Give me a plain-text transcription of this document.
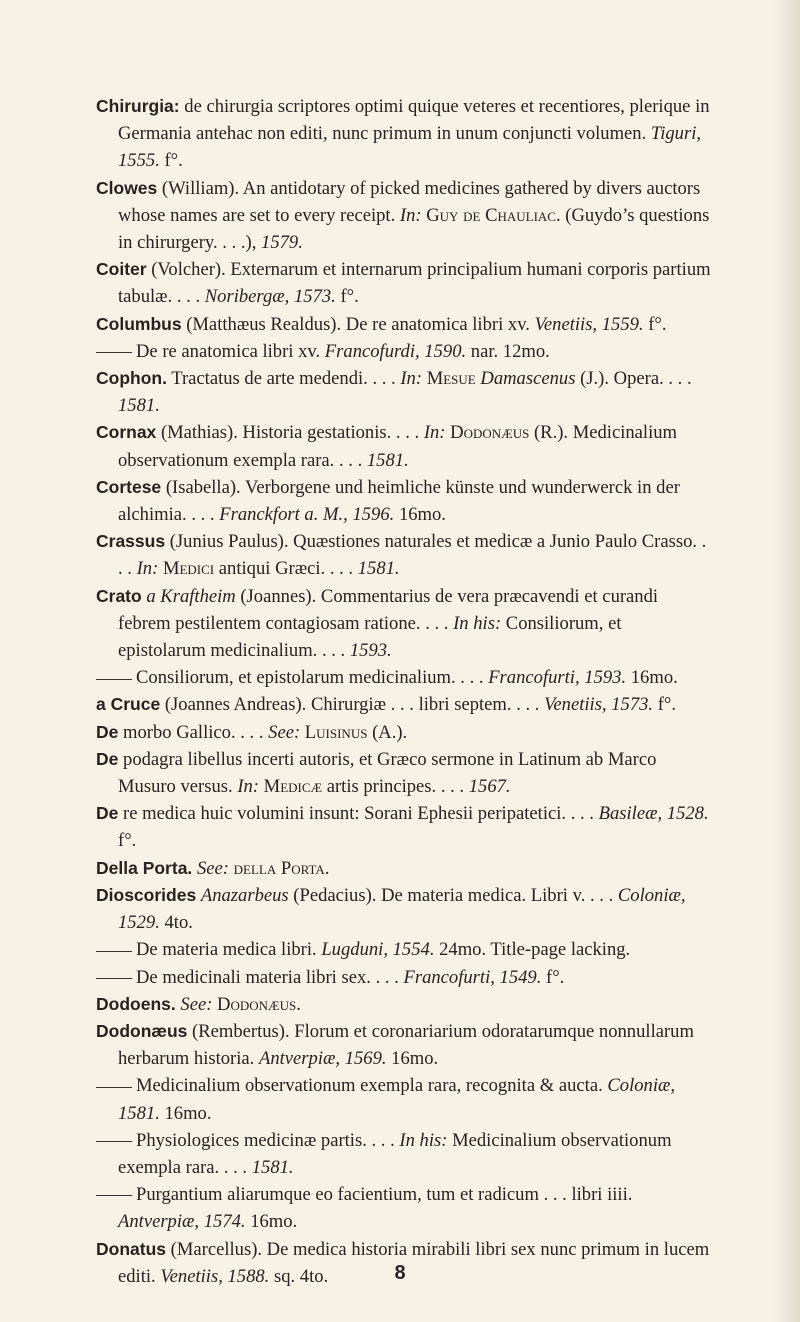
Chirurgia: de chirurgia scriptores optimi quique veteres et recentiores, plerique in Germania antehac non editi, nunc primum in unum conjuncti volumen. Tiguri, 1555. f°.

Clowes (William). An antidotary of picked medicines gathered by divers auctors whose names are set to every receipt. In: Guy de Chauliac. (Guydo’s questions in chirurgery. . . .), 1579.

Coiter (Volcher). Externarum et internarum principalium humani corporis partium tabulæ. . . . Noribergæ, 1573. f°.

Columbus (Matthæus Realdus). De re anatomica libri xv. Venetiis, 1559. f°.

De re anatomica libri xv. Francofurdi, 1590. nar. 12mo.

Cophon. Tractatus de arte medendi. . . . In: Mesue Damascenus (J.). Opera. . . . 1581.

Cornax (Mathias). Historia gestationis. . . . In: Dodonæus (R.). Medicinalium observationum exempla rara. . . . 1581.

Cortese (Isabella). Verborgene und heimliche künste und wunderwerck in der alchimia. . . . Franckfort a. M., 1596. 16mo.

Crassus (Junius Paulus). Quæstiones naturales et medicæ a Junio Paulo Crasso. . . . In: Medici antiqui Græci. . . . 1581.

Crato a Kraftheim (Joannes). Commentarius de vera præcavendi et curandi febrem pestilentem contagiosam ratione. . . . In his: Consiliorum, et epistolarum medicinalium. . . . 1593.

Consiliorum, et epistolarum medicinalium. . . . Francofurti, 1593. 16mo.

a Cruce (Joannes Andreas). Chirurgiæ . . . libri septem. . . . Venetiis, 1573. f°.

De morbo Gallico. . . . See: Luisinus (A.).

De podagra libellus incerti autoris, et Græco sermone in Latinum ab Marco Musuro versus. In: Medicæ artis principes. . . . 1567.

De re medica huic volumini insunt: Sorani Ephesii peripatetici. . . . Basileæ, 1528. f°.

Della Porta. See: della Porta.

Dioscorides Anazarbeus (Pedacius). De materia medica. Libri v. . . . Coloniæ, 1529. 4to.

De materia medica libri. Lugduni, 1554. 24mo. Title-page lacking.

De medicinali materia libri sex. . . . Francofurti, 1549. f°.

Dodoens. See: Dodonæus.

Dodonæus (Rembertus). Florum et coronariarium odoratarumque nonnullarum herbarum historia. Antverpiæ, 1569. 16mo.

Medicinalium observationum exempla rara, recognita & aucta. Coloniæ, 1581. 16mo.

Physiologices medicinæ partis. . . . In his: Medicinalium observationum exempla rara. . . . 1581.

Purgantium aliarumque eo facientium, tum et radicum . . . libri iiii. Antverpiæ, 1574. 16mo.

Donatus (Marcellus). De medica historia mirabili libri sex nunc primum in lucem editi. Venetiis, 1588. sq. 4to.	8
